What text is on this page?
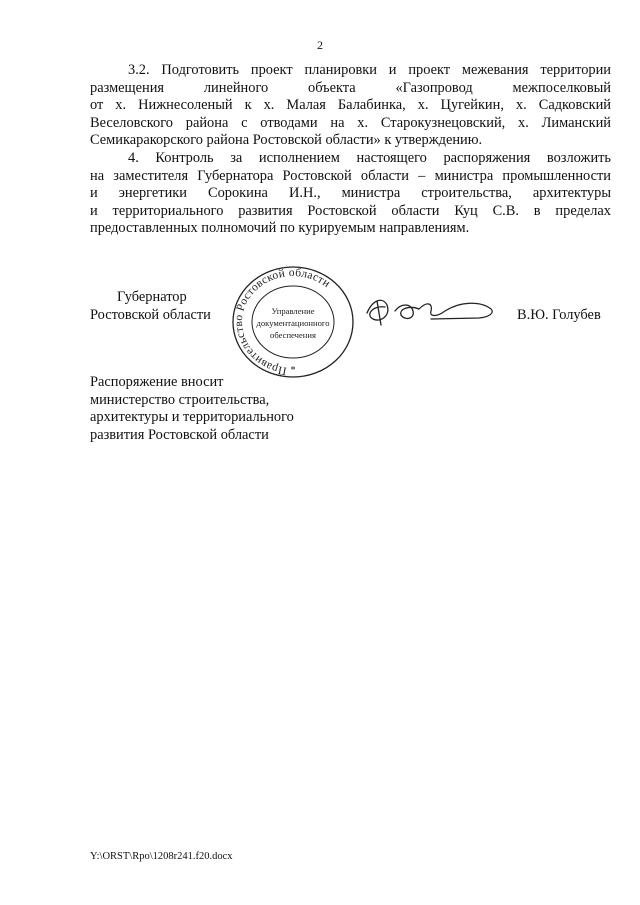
2
3.2. Подготовить проект планировки и проект межевания территории
размещения линейного объекта «Газопровод межпоселковый
от х. Нижнесоленый к х. Малая Балабинка, х. Цугейкин, х. Садковский
Веселовского района с отводами на х. Старокузнецовский, х. Лиманский
Семикаракорского района Ростовской области» к утверждению.
4. Контроль за исполнением настоящего распоряжения возложить
на заместителя Губернатора Ростовской области – министра промышленности
и энергетики Сорокина И.Н., министра строительства, архитектуры
и территориального развития Ростовской области Куц С.В. в пределах
предоставленных полномочий по курируемым направлениям.
Губернатор
Ростовской области
Правительство Ростовской области
Управление
документационного
обеспечения
*
В.Ю. Голубев
Распоряжение вносит
министерство строительства,
архитектуры и территориального
развития Ростовской области
Y:\ORST\Rpo\1208r241.f20.docx
